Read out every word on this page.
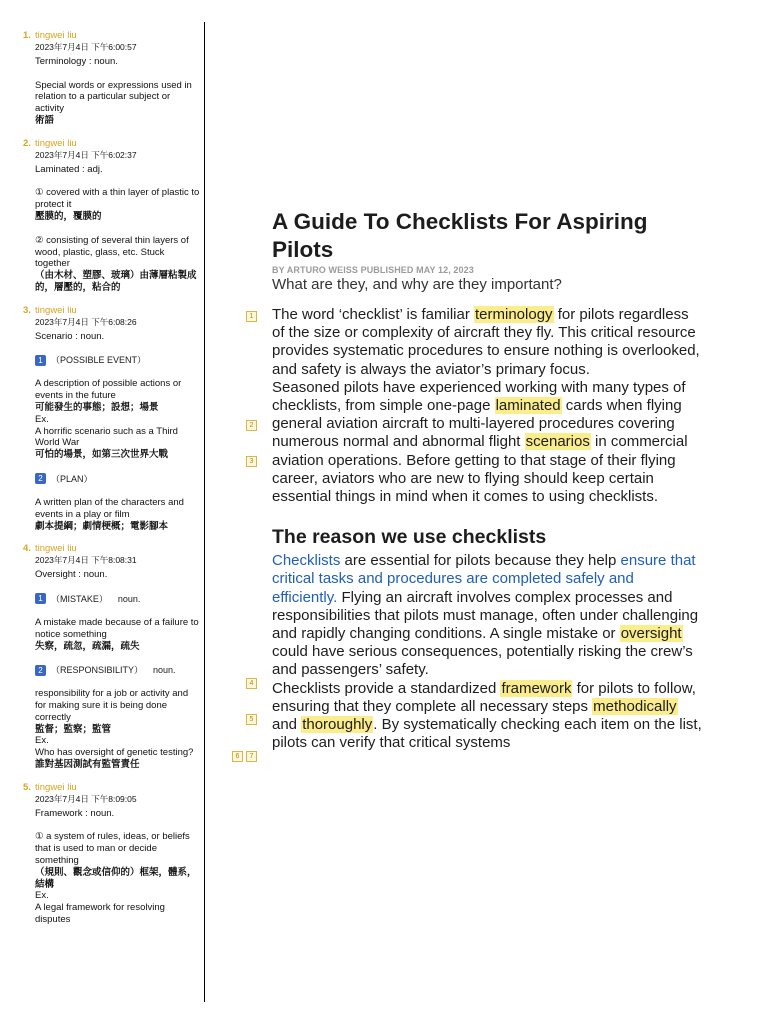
1. tingwei liu
2023年7月4日 下午6:00:57
Terminology : noun.
Special words or expressions used in relation to a particular subject or activity
術語
2. tingwei liu
2023年7月4日 下午6:02:37
Laminated : adj.
① covered with a thin layer of plastic to protect it
壓膜的，覆膜的
② consisting of several thin layers of wood, plastic, glass, etc. Stuck together
（由木材、塑膠、玻璃）由薄層粘製成的，層壓的，粘合的
3. tingwei liu
2023年7月4日 下午6:08:26
Scenario : noun.
1 （POSSIBLE EVENT）
A description of possible actions or events in the future
可能發生的事態；設想；場景
Ex.
A horrific scenario such as a Third World War
可怕的場景，如第三次世界大戰
2 （PLAN）
A written plan of the characters and events in a play or film
劇本提綱；劇情梗概；電影腳本
4. tingwei liu
2023年7月4日 下午8:08:31
Oversight : noun.
1 （MISTAKE） noun.
A mistake made because of a failure to notice something
失察，疏忽，疏漏，疏失
2 （RESPONSIBILITY） noun.
responsibility for a job or activity and for making sure it is being done correctly
監督；監察；監管
Ex.
Who has oversight of genetic testing?
誰對基因測試有監管責任
5. tingwei liu
2023年7月4日 下午8:09:05
Framework : noun.
① a system of rules, ideas, or beliefs that is used to man or decide something
（規則、觀念或信仰的）框架，體系，結構
Ex.
A legal framework for resolving disputes
1
2
3
4
5
6	7
A Guide To Checklists For Aspiring Pilots
BY ARTURO WEISS PUBLISHED MAY 12, 2023
What are they, and why are they important?

The word ‘checklist’ is familiar terminology for pilots regardless of the size or complexity of aircraft they fly. This critical resource provides systematic procedures to ensure nothing is overlooked, and safety is always the aviator’s primary focus.

Seasoned pilots have experienced working with many types of checklists, from simple one-page laminated cards when flying general aviation aircraft to multi-layered procedures covering numerous normal and abnormal flight scenarios in commercial aviation operations. Before getting to that stage of their flying career, aviators who are new to flying should keep certain essential things in mind when it comes to using checklists.

The reason we use checklists

Checklists are essential for pilots because they help ensure that critical tasks and procedures are completed safely and efficiently. Flying an aircraft involves complex processes and responsibilities that pilots must manage, often under challenging and rapidly changing conditions. A single mistake or oversight could have serious consequences, potentially risking the crew’s and passengers’ safety.

Checklists provide a standardized framework for pilots to follow, ensuring that they complete all necessary steps methodically and thoroughly. By systematically checking each item on the list, pilots can verify that critical systems
